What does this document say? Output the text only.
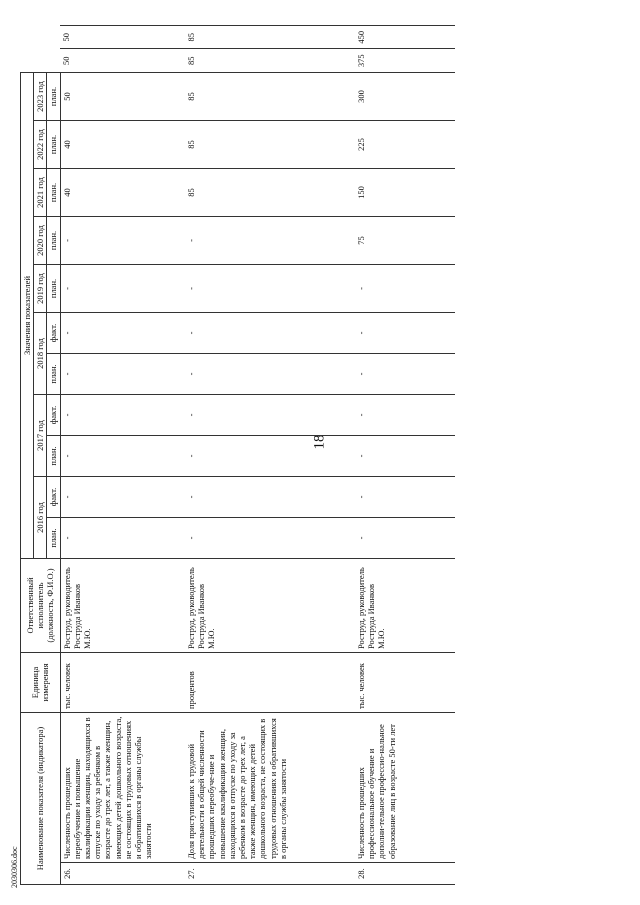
18
Наименование показателя (индикатора)		Единица измерения	Ответственный исполнитель (должность, Ф.И.О.)	Значения показателей												
				2016 год		2017 год		2018 год		2019 год	2020 год	2021 год	2022 год	2023 год		
				план.	факт.	план.	факт.	план.	факт.	план.	план.	план.	план.	план.		
26.	Численность прошедших переобучение и повышение квалификации женщин, находящихся в отпуске по уходу за ребенком в возрасте до трех лет, а также женщин, имеющих детей дошкольного возраста, не состоящих в трудовых отношениях и обратившихся в органы службы занятости	тыс. человек	Роструд, руководитель Роструда Иванков М.Ю.	-	-	-	-	-	-	-	-	40	40	50	50	50
27.	Доля приступивших к трудовой деятельности в общей численности прошедших переобуче-ние и повышение квалификации женщин, находящихся в отпуске по уходу за ребенком в возрасте до трех лет, а также женщин, имеющих детей дошкольного возраста, не состоящих в трудовых отношениях и обратившихся в органы службы занятости	процентов	Роструд, руководитель Роструда Иванков М.Ю.	-	-	-	-	-	-	-	-	85	85	85	85	85
28.	Численность прошедших профессиональное обучение и дополни-тельное профессио-нальное образование лиц в возрасте 50-ти лет	тыс. человек	Роструд, руководитель Роструда Иванков М.Ю.	-	-	-	-	-	-	-	75	150	225	300	375	450
2030306.doc
